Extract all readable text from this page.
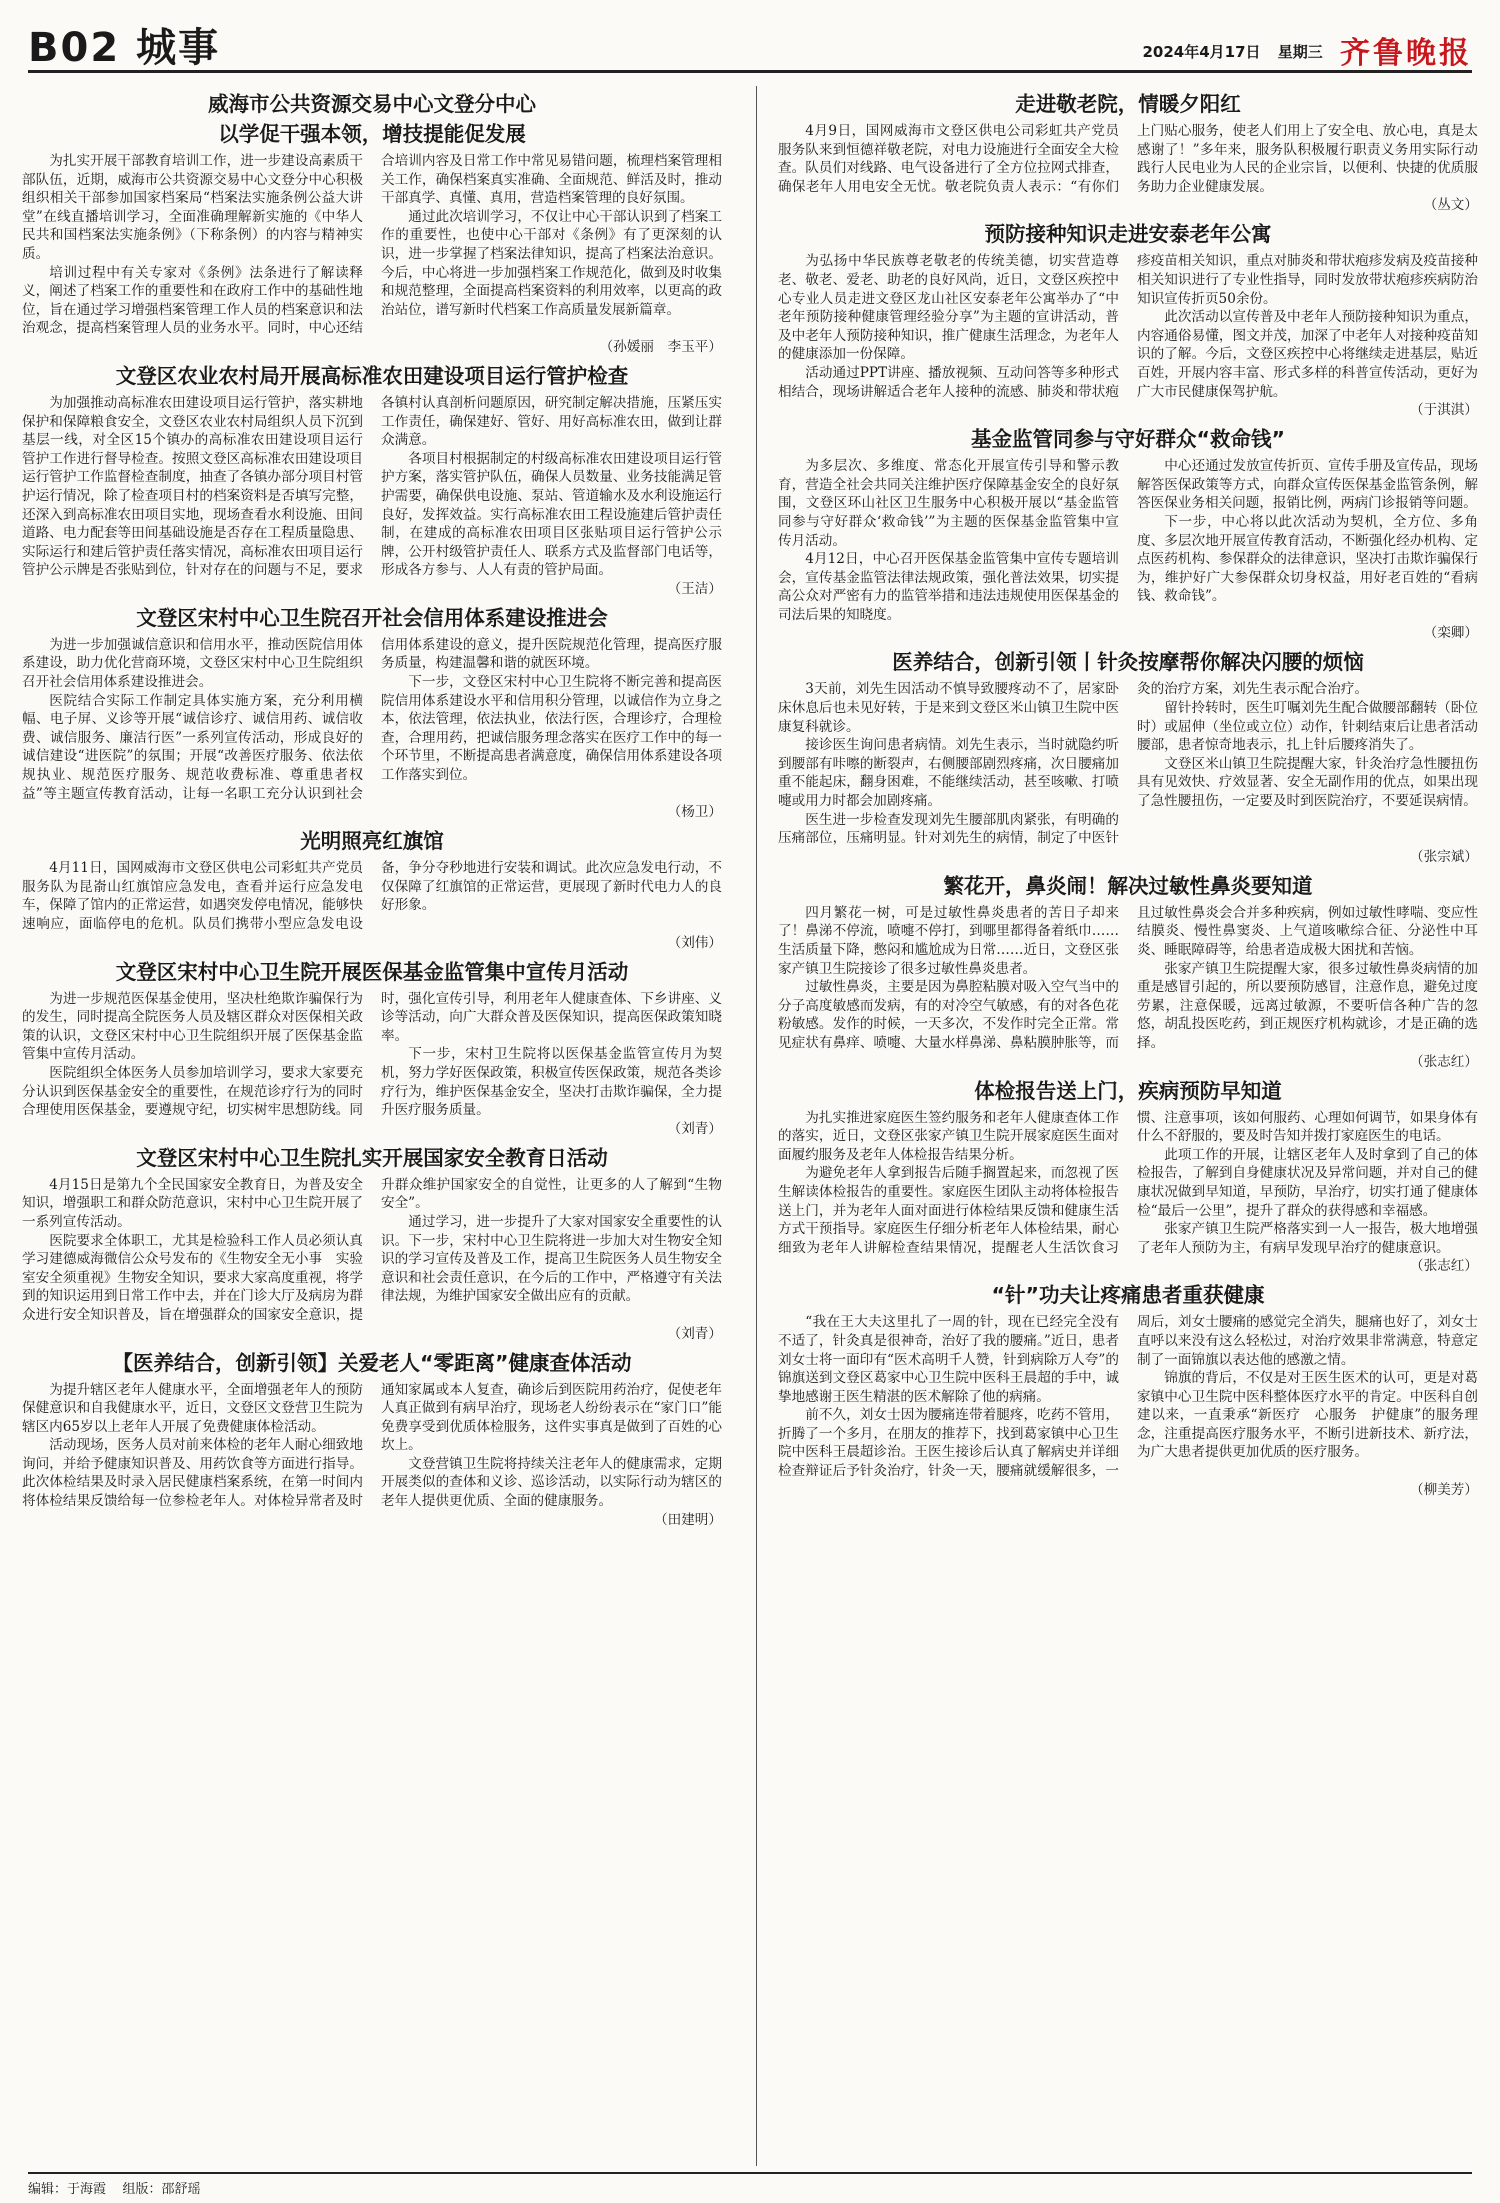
B02 城事	2024年4月17日 星期三 齐鲁晚报
威海市公共资源交易中心文登分中心
以学促干强本领，增技提能促发展

为扎实开展干部教育培训工作，进一步建设高素质干部队伍，近期，威海市公共资源交易中心文登分中心积极组织相关干部参加国家档案局“档案法实施条例公益大讲堂”在线直播培训学习，全面准确理解新实施的《中华人民共和国档案法实施条例》（下称条例）的内容与精神实质。

培训过程中有关专家对《条例》法条进行了解读释义，阐述了档案工作的重要性和在政府工作中的基础性地位，旨在通过学习增强档案管理工作人员的档案意识和法治观念，提高档案管理人员的业务水平。同时，中心还结合培训内容及日常工作中常见易错问题，梳理档案管理相关工作，确保档案真实准确、全面规范、鲜活及时，推动干部真学、真懂、真用，营造档案管理的良好氛围。

通过此次培训学习，不仅让中心干部认识到了档案工作的重要性，也使中心干部对《条例》有了更深刻的认识，进一步掌握了档案法律知识，提高了档案法治意识。今后，中心将进一步加强档案工作规范化，做到及时收集和规范整理，全面提高档案资料的利用效率，以更高的政治站位，谱写新时代档案工作高质量发展新篇章。

（孙媛丽　李玉平）
文登区农业农村局开展高标准农田建设项目运行管护检查

为加强推动高标准农田建设项目运行管护，落实耕地保护和保障粮食安全，文登区农业农村局组织人员下沉到基层一线，对全区15个镇办的高标准农田建设项目运行管护工作进行督导检查。按照文登区高标准农田建设项目运行管护工作监督检查制度，抽查了各镇办部分项目村管护运行情况，除了检查项目村的档案资料是否填写完整，还深入到高标准农田项目实地，现场查看水利设施、田间道路、电力配套等田间基础设施是否存在工程质量隐患、实际运行和建后管护责任落实情况，高标准农田项目运行管护公示牌是否张贴到位，针对存在的问题与不足，要求各镇村认真剖析问题原因，研究制定解决措施，压紧压实工作责任，确保建好、管好、用好高标准农田，做到让群众满意。

各项目村根据制定的村级高标准农田建设项目运行管护方案，落实管护队伍，确保人员数量、业务技能满足管护需要，确保供电设施、泵站、管道输水及水利设施运行良好，发挥效益。实行高标准农田工程设施建后管护责任制，在建成的高标准农田项目区张贴项目运行管护公示牌，公开村级管护责任人、联系方式及监督部门电话等，形成各方参与、人人有责的管护局面。

（王洁）
文登区宋村中心卫生院召开社会信用体系建设推进会

为进一步加强诚信意识和信用水平，推动医院信用体系建设，助力优化营商环境，文登区宋村中心卫生院组织召开社会信用体系建设推进会。

医院结合实际工作制定具体实施方案，充分利用横幅、电子屏、义诊等开展“诚信诊疗、诚信用药、诚信收费、诚信服务、廉洁行医”一系列宣传活动，形成良好的诚信建设“进医院”的氛围；开展“改善医疗服务、依法依规执业、规范医疗服务、规范收费标准、尊重患者权益”等主题宣传教育活动，让每一名职工充分认识到社会信用体系建设的意义，提升医院规范化管理，提高医疗服务质量，构建温馨和谐的就医环境。

下一步，文登区宋村中心卫生院将不断完善和提高医院信用体系建设水平和信用积分管理，以诚信作为立身之本，依法管理，依法执业，依法行医，合理诊疗，合理检查，合理用药，把诚信服务理念落实在医疗工作中的每一个环节里，不断提高患者满意度，确保信用体系建设各项工作落实到位。

（杨卫）
光明照亮红旗馆

4月11日，国网威海市文登区供电公司彩虹共产党员服务队为昆嵛山红旗馆应急发电，查看并运行应急发电车，保障了馆内的正常运营，如遇突发停电情况，能够快速响应，面临停电的危机。队员们携带小型应急发电设备，争分夺秒地进行安装和调试。此次应急发电行动，不仅保障了红旗馆的正常运营，更展现了新时代电力人的良好形象。

（刘伟）
文登区宋村中心卫生院开展医保基金监管集中宣传月活动

为进一步规范医保基金使用，坚决杜绝欺诈骗保行为的发生，同时提高全院医务人员及辖区群众对医保相关政策的认识，文登区宋村中心卫生院组织开展了医保基金监管集中宣传月活动。

医院组织全体医务人员参加培训学习，要求大家要充分认识到医保基金安全的重要性，在规范诊疗行为的同时合理使用医保基金，要遵规守纪，切实树牢思想防线。同时，强化宣传引导，利用老年人健康查体、下乡讲座、义诊等活动，向广大群众普及医保知识，提高医保政策知晓率。

下一步，宋村卫生院将以医保基金监管宣传月为契机，努力学好医保政策，积极宣传医保政策，规范各类诊疗行为，维护医保基金安全，坚决打击欺诈骗保，全力提升医疗服务质量。

（刘青）
文登区宋村中心卫生院扎实开展国家安全教育日活动

4月15日是第九个全民国家安全教育日，为普及安全知识，增强职工和群众防范意识，宋村中心卫生院开展了一系列宣传活动。

医院要求全体职工，尤其是检验科工作人员必须认真学习建德威海微信公众号发布的《生物安全无小事　实验室安全须重视》生物安全知识，要求大家高度重视，将学到的知识运用到日常工作中去，并在门诊大厅及病房为群众进行安全知识普及，旨在增强群众的国家安全意识，提升群众维护国家安全的自觉性，让更多的人了解到“生物安全”。

通过学习，进一步提升了大家对国家安全重要性的认识。下一步，宋村中心卫生院将进一步加大对生物安全知识的学习宣传及普及工作，提高卫生院医务人员生物安全意识和社会责任意识，在今后的工作中，严格遵守有关法律法规，为维护国家安全做出应有的贡献。

（刘青）
【医养结合，创新引领】关爱老人“零距离”健康查体活动

为提升辖区老年人健康水平，全面增强老年人的预防保健意识和自我健康水平，近日，文登区文登营卫生院为辖区内65岁以上老年人开展了免费健康体检活动。

活动现场，医务人员对前来体检的老年人耐心细致地询问，并给予健康知识普及、用药饮食等方面进行指导。此次体检结果及时录入居民健康档案系统，在第一时间内将体检结果反馈给每一位参检老年人。对体检异常者及时通知家属或本人复查，确诊后到医院用药治疗，促使老年人真正做到有病早治疗，现场老人纷纷表示在“家门口”能免费享受到优质体检服务，这件实事真是做到了百姓的心坎上。

文登营镇卫生院将持续关注老年人的健康需求，定期开展类似的查体和义诊、巡诊活动，以实际行动为辖区的老年人提供更优质、全面的健康服务。

（田建明）
走进敬老院，情暖夕阳红

4月9日，国网威海市文登区供电公司彩虹共产党员服务队来到恒德祥敬老院，对电力设施进行全面安全大检查。队员们对线路、电气设备进行了全方位拉网式排查，确保老年人用电安全无忧。敬老院负责人表示：“有你们上门贴心服务，使老人们用上了安全电、放心电，真是太感谢了！”多年来，服务队积极履行职责义务用实际行动践行人民电业为人民的企业宗旨，以便利、快捷的优质服务助力企业健康发展。

（丛文）
预防接种知识走进安泰老年公寓

为弘扬中华民族尊老敬老的传统美德，切实营造尊老、敬老、爱老、助老的良好风尚，近日，文登区疾控中心专业人员走进文登区龙山社区安泰老年公寓举办了“中老年预防接种健康管理经验分享”为主题的宣讲活动，普及中老年人预防接种知识，推广健康生活理念，为老年人的健康添加一份保障。

活动通过PPT讲座、播放视频、互动问答等多种形式相结合，现场讲解适合老年人接种的流感、肺炎和带状疱疹疫苗相关知识，重点对肺炎和带状疱疹发病及疫苗接种相关知识进行了专业性指导，同时发放带状疱疹疾病防治知识宣传折页50余份。

此次活动以宣传普及中老年人预防接种知识为重点，内容通俗易懂，图文并茂，加深了中老年人对接种疫苗知识的了解。今后，文登区疾控中心将继续走进基层，贴近百姓，开展内容丰富、形式多样的科普宣传活动，更好为广大市民健康保驾护航。

（于淇淇）
基金监管同参与守好群众“救命钱”

为多层次、多维度、常态化开展宣传引导和警示教育，营造全社会共同关注维护医疗保障基金安全的良好氛围，文登区环山社区卫生服务中心积极开展以“基金监管同参与守好群众‘救命钱’”为主题的医保基金监管集中宣传月活动。

4月12日，中心召开医保基金监管集中宣传专题培训会，宣传基金监管法律法规政策，强化普法效果，切实提高公众对严密有力的监管举措和违法违规使用医保基金的司法后果的知晓度。

中心还通过发放宣传折页、宣传手册及宣传品，现场解答医保政策等方式，向群众宣传医保基金监管条例，解答医保业务相关问题，报销比例，两病门诊报销等问题。

下一步，中心将以此次活动为契机，全方位、多角度、多层次地开展宣传教育活动，不断强化经办机构、定点医药机构、参保群众的法律意识，坚决打击欺诈骗保行为，维护好广大参保群众切身权益，用好老百姓的“看病钱、救命钱”。

（栾卿）
医养结合，创新引领丨针灸按摩帮你解决闪腰的烦恼

3天前，刘先生因活动不慎导致腰疼动不了，居家卧床休息后也未见好转，于是来到文登区米山镇卫生院中医康复科就诊。

接诊医生询问患者病情。刘先生表示，当时就隐约听到腰部有咔嚓的断裂声，右侧腰部剧烈疼痛，次日腰痛加重不能起床，翻身困难，不能继续活动，甚至咳嗽、打喷嚏或用力时都会加剧疼痛。

医生进一步检查发现刘先生腰部肌肉紧张，有明确的压痛部位，压痛明显。针对刘先生的病情，制定了中医针灸的治疗方案，刘先生表示配合治疗。

留针拎转时，医生叮嘱刘先生配合做腰部翻转（卧位时）或屈伸（坐位或立位）动作，针刺结束后让患者活动腰部，患者惊奇地表示，扎上针后腰疼消失了。

文登区米山镇卫生院提醒大家，针灸治疗急性腰扭伤具有见效快、疗效显著、安全无副作用的优点，如果出现了急性腰扭伤，一定要及时到医院治疗，不要延误病情。

（张宗斌）
繁花开，鼻炎闹！解决过敏性鼻炎要知道

四月繁花一树，可是过敏性鼻炎患者的苦日子却来了！鼻涕不停流，喷嚏不停打，到哪里都得备着纸巾……生活质量下降，憋闷和尴尬成为日常……近日，文登区张家产镇卫生院接诊了很多过敏性鼻炎患者。

过敏性鼻炎，主要是因为鼻腔粘膜对吸入空气当中的分子高度敏感而发病，有的对冷空气敏感，有的对各色花粉敏感。发作的时候，一天多次，不发作时完全正常。常见症状有鼻痒、喷嚏、大量水样鼻涕、鼻粘膜肿胀等，而且过敏性鼻炎会合并多种疾病，例如过敏性哮喘、变应性结膜炎、慢性鼻窦炎、上气道咳嗽综合征、分泌性中耳炎、睡眠障碍等，给患者造成极大困扰和苦恼。

张家产镇卫生院提醒大家，很多过敏性鼻炎病情的加重是感冒引起的，所以要预防感冒，注意作息，避免过度劳累，注意保暖，远离过敏源，不要听信各种广告的忽悠，胡乱投医吃药，到正规医疗机构就诊，才是正确的选择。

（张志红）
体检报告送上门，疾病预防早知道

为扎实推进家庭医生签约服务和老年人健康查体工作的落实，近日，文登区张家产镇卫生院开展家庭医生面对面履约服务及老年人体检报告结果分析。

为避免老年人拿到报告后随手搁置起来，而忽视了医生解读体检报告的重要性。家庭医生团队主动将体检报告送上门，并为老年人面对面进行体检结果反馈和健康生活方式干预指导。家庭医生仔细分析老年人体检结果，耐心细致为老年人讲解检查结果情况，提醒老人生活饮食习惯、注意事项，该如何服药、心理如何调节，如果身体有什么不舒服的，要及时告知并拨打家庭医生的电话。

此项工作的开展，让辖区老年人及时拿到了自己的体检报告，了解到自身健康状况及异常问题，并对自己的健康状况做到早知道，早预防，早治疗，切实打通了健康体检“最后一公里”，提升了群众的获得感和幸福感。

张家产镇卫生院严格落实到一人一报告，极大地增强了老年人预防为主，有病早发现早治疗的健康意识。

（张志红）
“针”功夫让疼痛患者重获健康

“我在王大夫这里扎了一周的针，现在已经完全没有不适了，针灸真是很神奇，治好了我的腰痛。”近日，患者刘女士将一面印有“医术高明千人赞，针到病除万人夸”的锦旗送到文登区葛家中心卫生院中医科王晨超的手中，诚挚地感谢王医生精湛的医术解除了他的病痛。

前不久，刘女士因为腰痛连带着腿疼，吃药不管用，折腾了一个多月，在朋友的推荐下，找到葛家镇中心卫生院中医科王晨超诊治。王医生接诊后认真了解病史并详细检查辩证后予针灸治疗，针灸一天，腰痛就缓解很多，一周后，刘女士腰痛的感觉完全消失，腿痛也好了，刘女士直呼以来没有这么轻松过，对治疗效果非常满意，特意定制了一面锦旗以表达他的感激之情。

锦旗的背后，不仅是对王医生医术的认可，更是对葛家镇中心卫生院中医科整体医疗水平的肯定。中医科自创建以来，一直秉承“新医疗　心服务　护健康”的服务理念，注重提高医疗服务水平，不断引进新技术、新疗法，为广大患者提供更加优质的医疗服务。

（柳美芳）
编辑：于海霞 组版：邵舒瑶
